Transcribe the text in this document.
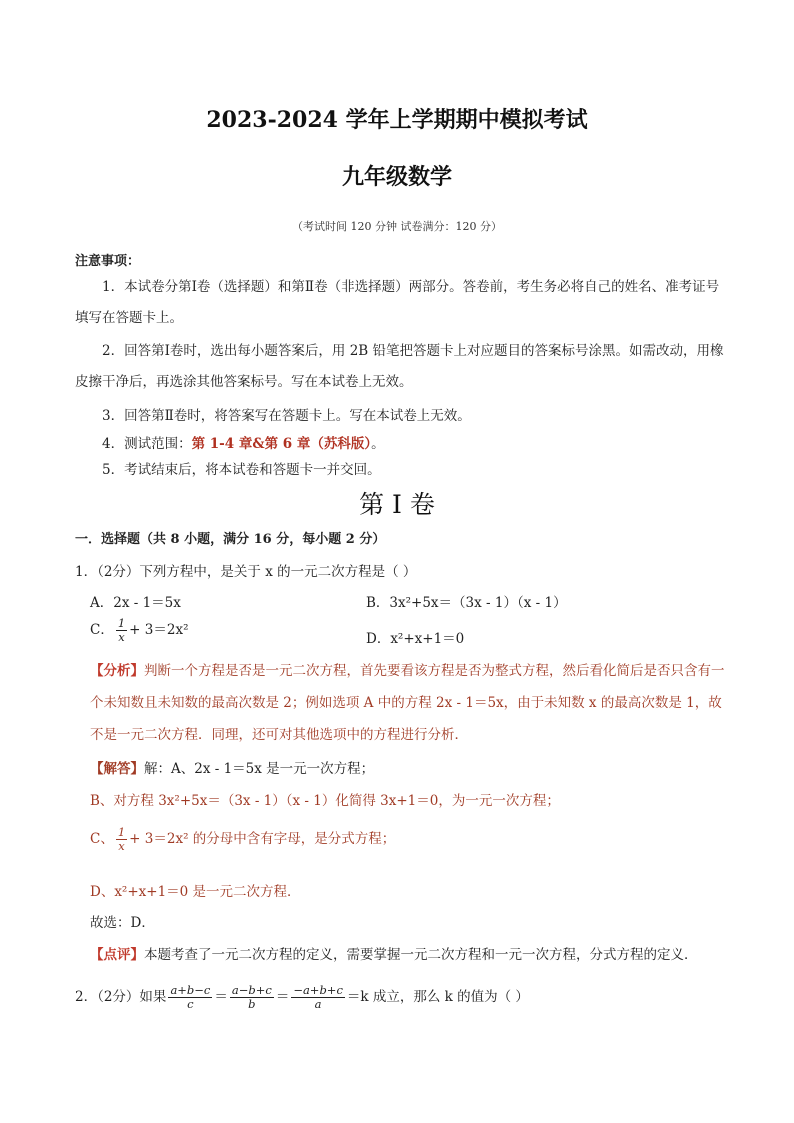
2023-2024 学年上学期期中模拟考试
九年级数学
（考试时间 120 分钟 试卷满分：120 分）
注意事项：
1．本试卷分第Ⅰ卷（选择题）和第Ⅱ卷（非选择题）两部分。答卷前，考生务必将自己的姓名、准考证号填写在答题卡上。
2．回答第Ⅰ卷时，选出每小题答案后，用 2B 铅笔把答题卡上对应题目的答案标号涂黑。如需改动，用橡皮擦干净后，再选涂其他答案标号。写在本试卷上无效。
3．回答第Ⅱ卷时，将答案写在答题卡上。写在本试卷上无效。
4．测试范围：第 1-4 章&第 6 章（苏科版）。
5．考试结束后，将本试卷和答题卡一并交回。
第 I 卷
一．选择题（共 8 小题，满分 16 分，每小题 2 分）
1．（2分）下列方程中，是关于 x 的一元二次方程是（ ）
A．2x - 1＝5x	B．3x²+5x＝（3x - 1）（x - 1）
C． $\frac{1}{x} + 3=2x^2$
D．x²+x+1＝0
【分析】判断一个方程是否是一元二次方程，首先要看该方程是否为整式方程，然后看化简后是否只含有一个未知数且未知数的最高次数是 2；例如选项 A 中的方程 2x - 1＝5x，由于未知数 x 的最高次数是 1，故不是一元二次方程．同理，还可对其他选项中的方程进行分析．
【解答】解：A、2x - 1＝5x 是一元一次方程；
B、对方程 3x²+5x＝（3x - 1）（x - 1）化简得 3x+1＝0，为一元一次方程；
C、 $\frac{1}{x} + 3=2x^2$ 的分母中含有字母，是分式方程；
D、x²+x+1＝0 是一元二次方程．
故选：D．
【点评】本题考查了一元二次方程的定义，需要掌握一元二次方程和一元一次方程，分式方程的定义．
2．（2分）如果 $\frac{a+b-c}{c} = \frac{a-b+c}{b} = \frac{-a+b+c}{a} =k$ 成立，那么 k 的值为（ ）
